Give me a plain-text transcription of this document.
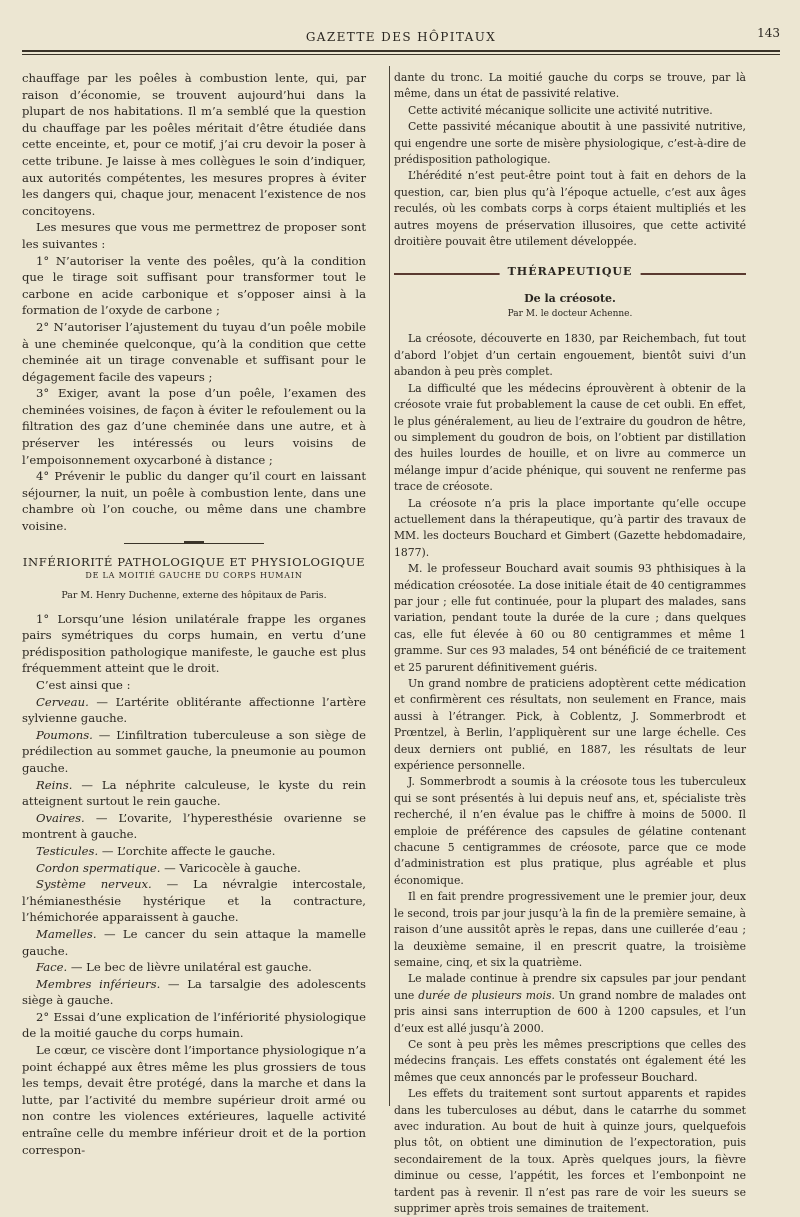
GAZETTE DES HÔPITAUX	143

chauffage par les poêles à combustion lente, qui, par raison d’économie, se trouvent aujourd’hui dans la plupart de nos habitations. Il m’a semblé que la question du chauffage par les poêles méritait d’être étudiée dans cette enceinte, et, pour ce motif, j’ai cru devoir la poser à cette tribune. Je laisse à mes collègues le soin d’indiquer, aux autorités compétentes, les mesures propres à éviter les dangers qui, chaque jour, menacent l’existence de nos concitoyens.

Les mesures que vous me permettrez de proposer sont les suivantes :

1° N’autoriser la vente des poêles, qu’à la condition que le tirage soit suffisant pour transformer tout le carbone en acide carbonique et s’opposer ainsi à la formation de l’oxyde de carbone ;

2° N’autoriser l’ajustement du tuyau d’un poêle mobile à une cheminée quelconque, qu’à la condition que cette cheminée ait un tirage convenable et suffisant pour le dégagement facile des vapeurs ;

3° Exiger, avant la pose d’un poêle, l’examen des cheminées voisines, de façon à éviter le refoulement ou la filtration des gaz d’une cheminée dans une autre, et à préserver les intéressés ou leurs voisins de l’empoisonnement oxycarboné à distance ;

4° Prévenir le public du danger qu’il court en laissant séjourner, la nuit, un poêle à combustion lente, dans une chambre où l’on couche, ou même dans une chambre voisine.

INFÉRIORITÉ PATHOLOGIQUE ET PHYSIOLOGIQUE
DE LA MOITIÉ GAUCHE DU CORPS HUMAIN
Par M. Henry Duchenne, externe des hôpitaux de Paris.

1° Lorsqu’une lésion unilatérale frappe les organes pairs symétriques du corps humain, en vertu d’une prédisposition pathologique manifeste, le gauche est plus fréquemment atteint que le droit.

C’est ainsi que :

Cerveau. — L’artérite oblitérante affectionne l’artère sylvienne gauche.

Poumons. — L’infiltration tuberculeuse a son siège de prédilection au sommet gauche, la pneumonie au poumon gauche.

Reins. — La néphrite calculeuse, le kyste du rein atteignent surtout le rein gauche.

Ovaires. — L’ovarite, l’hyperesthésie ovarienne se montrent à gauche.

Testicules. — L’orchite affecte le gauche.

Cordon spermatique. — Varicocèle à gauche.

Système nerveux. — La névralgie intercostale, l’hémianesthésie hystérique et la contracture, l’hémichorée apparaissent à gauche.

Mamelles. — Le cancer du sein attaque la mamelle gauche.

Face. — Le bec de lièvre unilatéral est gauche.

Membres inférieurs. — La tarsalgie des adolescents siège à gauche.

2° Essai d’une explication de l’infériorité physiologique de la moitié gauche du corps humain.

Le cœur, ce viscère dont l’importance physiologique n’a point échappé aux êtres même les plus grossiers de tous les temps, devait être protégé, dans la marche et dans la lutte, par l’activité du membre supérieur droit armé ou non contre les violences extérieures, laquelle activité entraîne celle du membre inférieur droit et de la portion correspon-

dante du tronc. La moitié gauche du corps se trouve, par là même, dans un état de passivité relative.

Cette activité mécanique sollicite une activité nutritive.

Cette passivité mécanique aboutit à une passivité nutritive, qui engendre une sorte de misère physiologique, c’est-à-dire de prédisposition pathologique.

L’hérédité n’est peut-être point tout à fait en dehors de la question, car, bien plus qu’à l’époque actuelle, c’est aux âges reculés, où les combats corps à corps étaient multipliés et les autres moyens de préservation illusoires, que cette activité droitière pouvait être utilement développée.

THÉRAPEUTIQUE
De la créosote.
Par M. le docteur Achenne.

La créosote, découverte en 1830, par Reichembach, fut tout d’abord l’objet d’un certain engouement, bientôt suivi d’un abandon à peu près complet.

La difficulté que les médecins éprouvèrent à obtenir de la créosote vraie fut probablement la cause de cet oubli. En effet, le plus généralement, au lieu de l’extraire du goudron de hêtre, ou simplement du goudron de bois, on l’obtient par distillation des huiles lourdes de houille, et on livre au commerce un mélange impur d’acide phénique, qui souvent ne renferme pas trace de créosote.

La créosote n’a pris la place importante qu’elle occupe actuellement dans la thérapeutique, qu’à partir des travaux de MM. les docteurs Bouchard et Gimbert (Gazette hebdomadaire, 1877).

M. le professeur Bouchard avait soumis 93 phthisiques à la médication créosotée. La dose initiale était de 40 centigrammes par jour ; elle fut continuée, pour la plupart des malades, sans variation, pendant toute la durée de la cure ; dans quelques cas, elle fut élevée à 60 ou 80 centigrammes et même 1 gramme. Sur ces 93 malades, 54 ont bénéficié de ce traitement et 25 parurent définitivement guéris.

Un grand nombre de praticiens adoptèrent cette médication et confirmèrent ces résultats, non seulement en France, mais aussi à l’étranger. Pick, à Coblentz, J. Sommerbrodt et Prœntzel, à Berlin, l’appliquèrent sur une large échelle. Ces deux derniers ont publié, en 1887, les résultats de leur expérience personnelle.

J. Sommerbrodt a soumis à la créosote tous les tuberculeux qui se sont présentés à lui depuis neuf ans, et, spécialiste très recherché, il n’en évalue pas le chiffre à moins de 5000. Il emploie de préférence des capsules de gélatine contenant chacune 5 centigrammes de créosote, parce que ce mode d’administration est plus pratique, plus agréable et plus économique.

Il en fait prendre progressivement une le premier jour, deux le second, trois par jour jusqu’à la fin de la première semaine, à raison d’une aussitôt après le repas, dans une cuillerée d’eau ; la deuxième semaine, il en prescrit quatre, la troisième semaine, cinq, et six la quatrième.

Le malade continue à prendre six capsules par jour pendant une durée de plusieurs mois. Un grand nombre de malades ont pris ainsi sans interruption de 600 à 1200 capsules, et l’un d’eux est allé jusqu’à 2000.

Ce sont à peu près les mêmes prescriptions que celles des médecins français. Les effets constatés ont également été les mêmes que ceux annoncés par le professeur Bouchard.

Les effets du traitement sont surtout apparents et rapides dans les tuberculoses au début, dans le catarrhe du sommet avec induration. Au bout de huit à quinze jours, quelquefois plus tôt, on obtient une diminution de l’expectoration, puis secondairement de la toux. Après quelques jours, la fièvre diminue ou cesse, l’appétit, les forces et l’embonpoint ne tardent pas à revenir. Il n’est pas rare de voir les sueurs se supprimer après trois semaines de traitement.
